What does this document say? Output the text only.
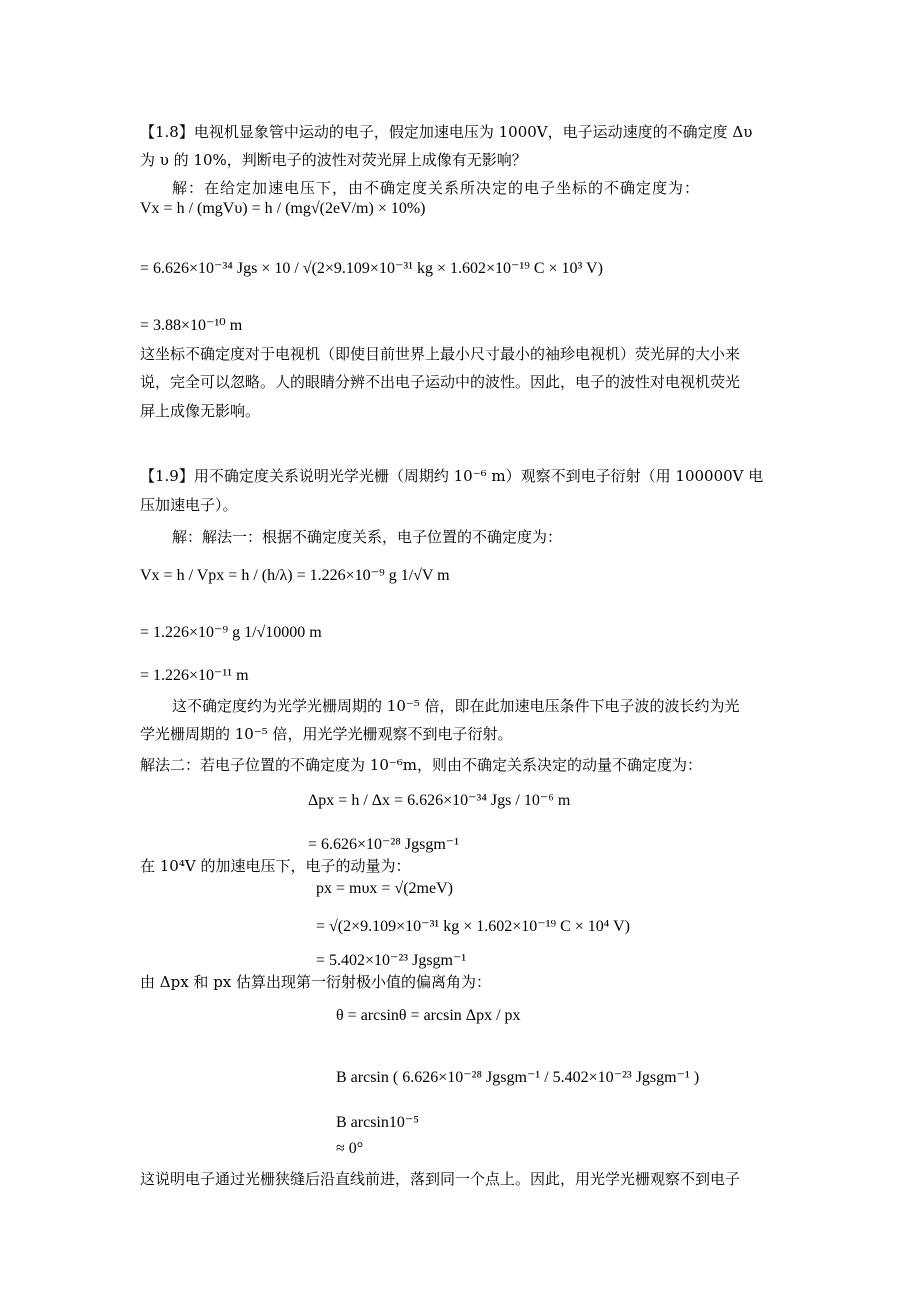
【1.8】电视机显象管中运动的电子，假定加速电压为 1000V，电子运动速度的不确定度 Δυ
为 υ 的 10%，判断电子的波性对荧光屏上成像有无影响？
解：在给定加速电压下，由不确定度关系所决定的电子坐标的不确定度为：
Vx = h / (mgVυ) = h / (mg√(2eV/m) × 10%)
= 6.626×10⁻³⁴ Jgs × 10 / √(2×9.109×10⁻³¹ kg × 1.602×10⁻¹⁹ C × 10³ V)
= 3.88×10⁻¹⁰ m
这坐标不确定度对于电视机（即使目前世界上最小尺寸最小的袖珍电视机）荧光屏的大小来
说，完全可以忽略。人的眼睛分辨不出电子运动中的波性。因此，电子的波性对电视机荧光
屏上成像无影响。
【1.9】用不确定度关系说明光学光栅（周期约 10⁻⁶ m）观察不到电子衍射（用 100000V 电
压加速电子）。
解：解法一：根据不确定度关系，电子位置的不确定度为：
Vx = h / Vpx = h / (h/λ) = 1.226×10⁻⁹ g 1/√V m
= 1.226×10⁻⁹ g 1/√10000 m
= 1.226×10⁻¹¹ m
这不确定度约为光学光栅周期的 10⁻⁵ 倍，即在此加速电压条件下电子波的波长约为光
学光栅周期的 10⁻⁵ 倍，用光学光栅观察不到电子衍射。
解法二：若电子位置的不确定度为 10⁻⁶m，则由不确定关系决定的动量不确定度为：
Δpx = h / Δx = 6.626×10⁻³⁴ Jgs / 10⁻⁶ m
= 6.626×10⁻²⁸ Jgsgm⁻¹
在 10⁴V 的加速电压下，电子的动量为：
px = mυx = √(2meV)
= √(2×9.109×10⁻³¹ kg × 1.602×10⁻¹⁹ C × 10⁴ V)
= 5.402×10⁻²³ Jgsgm⁻¹
由 Δpx 和 px 估算出现第一衍射极小值的偏离角为：
θ = arcsinθ = arcsin Δpx / px
B arcsin ( 6.626×10⁻²⁸ Jgsgm⁻¹ / 5.402×10⁻²³ Jgsgm⁻¹ )
B arcsin10⁻⁵
≈ 0°
这说明电子通过光栅狭缝后沿直线前进，落到同一个点上。因此，用光学光栅观察不到电子
